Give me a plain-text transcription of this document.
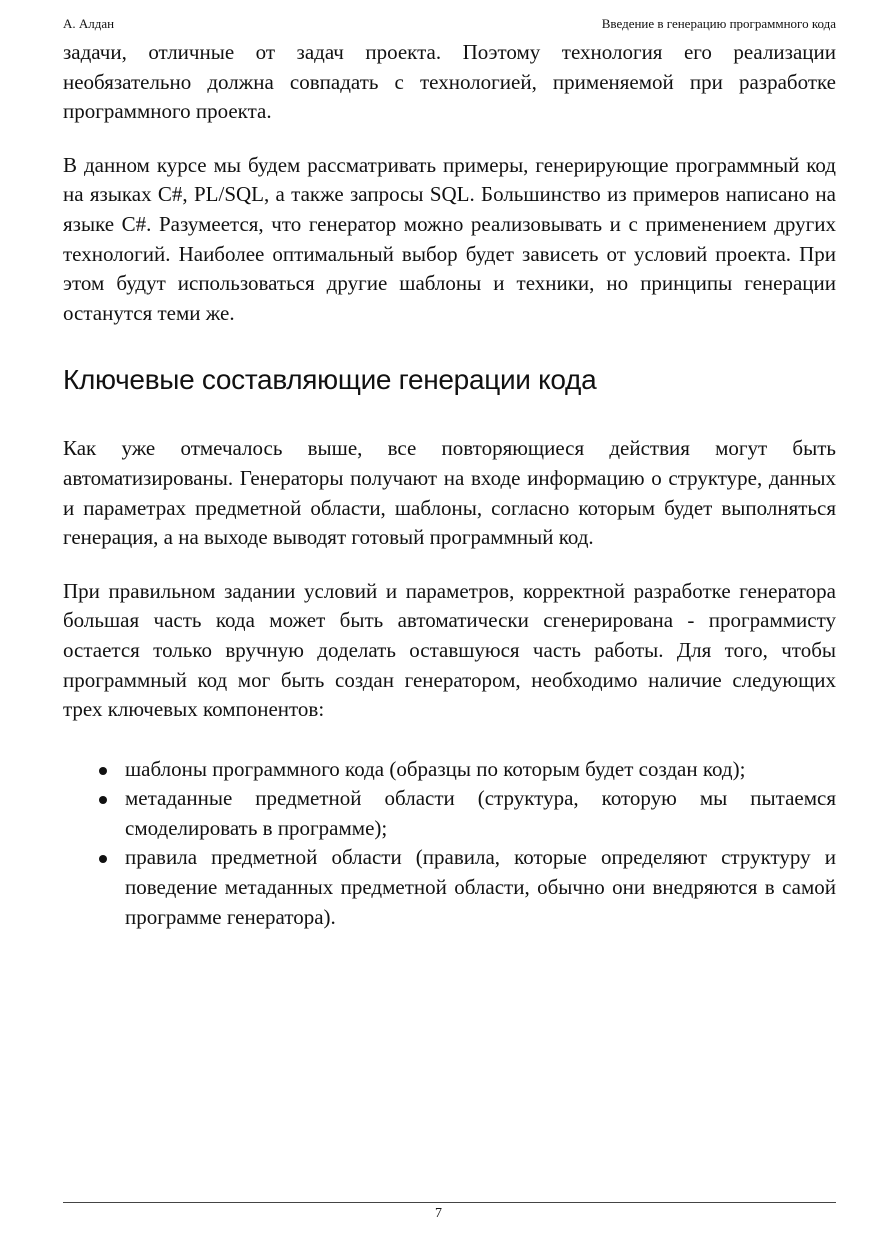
А. Алдан	Введение в генерацию программного кода

задачи, отличные от задач проекта. Поэтому технология его реализации необязательно должна совпадать с технологией, применяемой при разработке программного проекта.

В данном курсе мы будем рассматривать примеры, генерирующие программный код на языках C#, PL/SQL, а также запросы SQL. Большинство из примеров написано на языке C#. Разумеется, что генератор можно реализовывать и с применением других технологий. Наиболее оптимальный выбор будет зависеть от условий проекта. При этом будут использоваться другие шаблоны и техники, но принципы генерации останутся теми же.

Ключевые составляющие генерации кода

Как уже отмечалось выше, все повторяющиеся действия могут быть автоматизированы. Генераторы получают на входе информацию о структуре, данных и параметрах предметной области, шаблоны, согласно которым будет выполняться генерация, а на выходе выводят готовый программный код.

При правильном задании условий и параметров, корректной разработке генератора большая часть кода может быть автоматически сгенерирована - программисту остается только вручную доделать оставшуюся часть работы. Для того, чтобы программный код мог быть создан генератором, необходимо наличие следующих трех ключевых компонентов:

шаблоны программного кода (образцы по которым будет создан код);
метаданные предметной области (структура, которую мы пытаемся смоделировать в программе);
правила предметной области (правила, которые определяют структуру и поведение метаданных предметной области, обычно они внедряются в самой программе генератора).
7
